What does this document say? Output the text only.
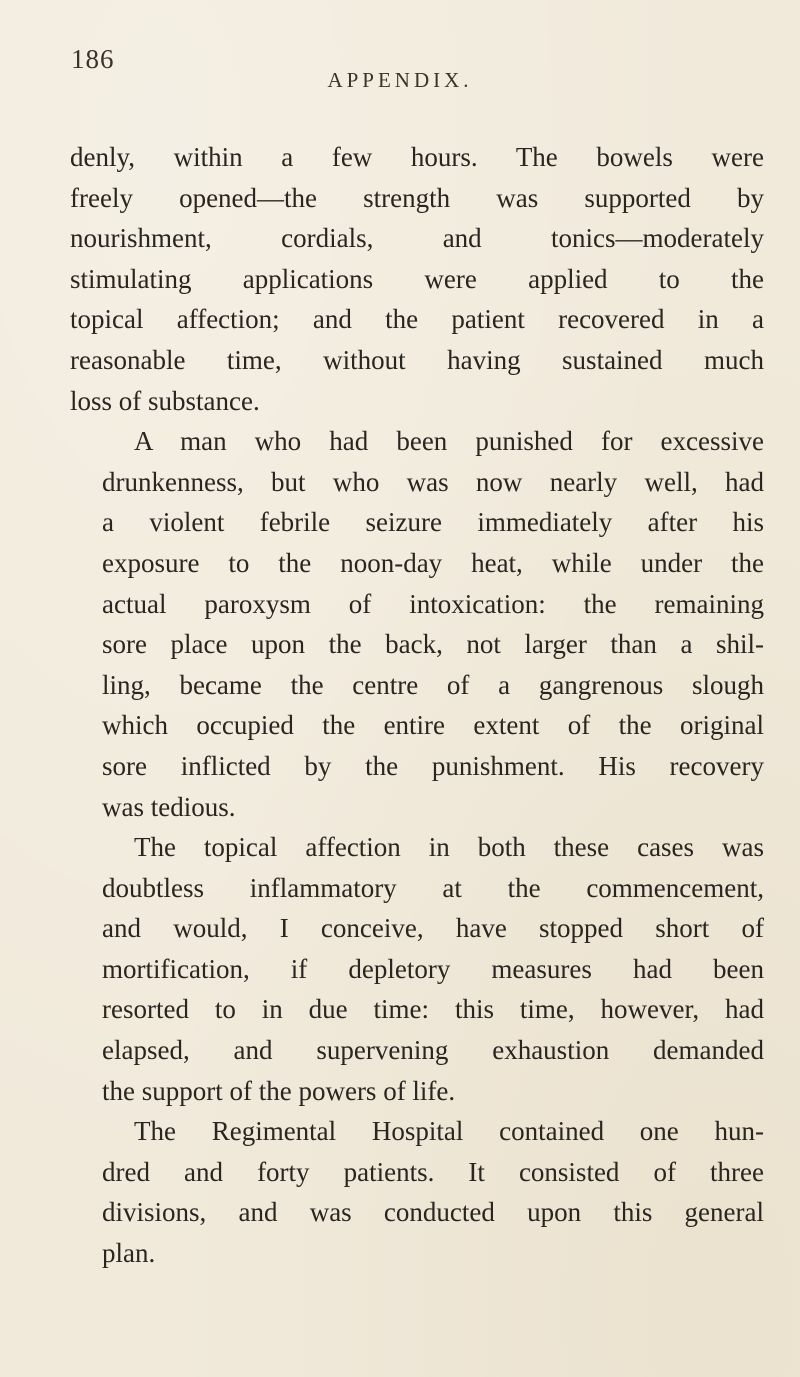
186
APPENDIX.

denly, within a few hours. The bowels were
freely opened—the strength was supported by
nourishment, cordials, and tonics—moderately
stimulating applications were applied to the
topical affection; and the patient recovered in a
reasonable time, without having sustained much
loss of substance.

A man who had been punished for excessive
drunkenness, but who was now nearly well, had
a violent febrile seizure immediately after his
exposure to the noon-day heat, while under the
actual paroxysm of intoxication: the remaining
sore place upon the back, not larger than a shil-
ling, became the centre of a gangrenous slough
which occupied the entire extent of the original
sore inflicted by the punishment. His recovery
was tedious.

The topical affection in both these cases was
doubtless inflammatory at the commencement,
and would, I conceive, have stopped short of
mortification, if depletory measures had been
resorted to in due time: this time, however, had
elapsed, and supervening exhaustion demanded
the support of the powers of life.

The Regimental Hospital contained one hun-
dred and forty patients. It consisted of three
divisions, and was conducted upon this general
plan.
